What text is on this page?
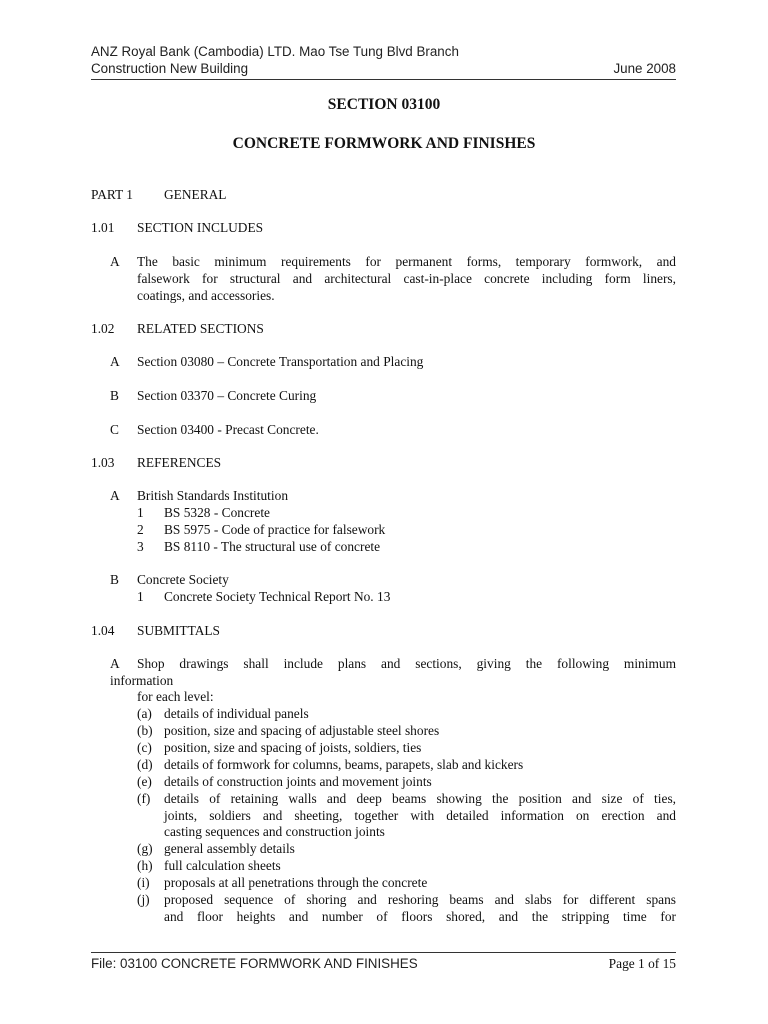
ANZ Royal Bank (Cambodia) LTD. Mao Tse Tung Blvd Branch
Construction New Building	June 2008
SECTION 03100
CONCRETE FORMWORK AND FINISHES
PART 1 GENERAL
1.01 SECTION INCLUDES
A The basic minimum requirements for permanent forms, temporary formwork, and
falsework for structural and architectural cast-in-place concrete including form liners,
coatings, and accessories.
1.02 RELATED SECTIONS
A Section 03080 – Concrete Transportation and Placing
B Section 03370 – Concrete Curing
C Section 03400 - Precast Concrete.
1.03 REFERENCES
A British Standards Institution
1 BS 5328 - Concrete
2 BS 5975 - Code of practice for falsework
3 BS 8110 - The structural use of concrete
B Concrete Society
1 Concrete Society Technical Report No. 13
1.04 SUBMITTALS
A Shop drawings shall include plans and sections, giving the following minimum
information
for each level:
(a) details of individual panels
(b) position, size and spacing of adjustable steel shores
(c) position, size and spacing of joists, soldiers, ties
(d) details of formwork for columns, beams, parapets, slab and kickers
(e) details of construction joints and movement joints
(f) details of retaining walls and deep beams showing the position and size of ties,
joints, soldiers and sheeting, together with detailed information on erection and
casting sequences and construction joints
(g) general assembly details
(h) full calculation sheets
(i) proposals at all penetrations through the concrete
(j) proposed sequence of shoring and reshoring beams and slabs for different spans
and floor heights and number of floors shored, and the stripping time for
File: 03100 CONCRETE FORMWORK AND FINISHES	Page 1 of 15
